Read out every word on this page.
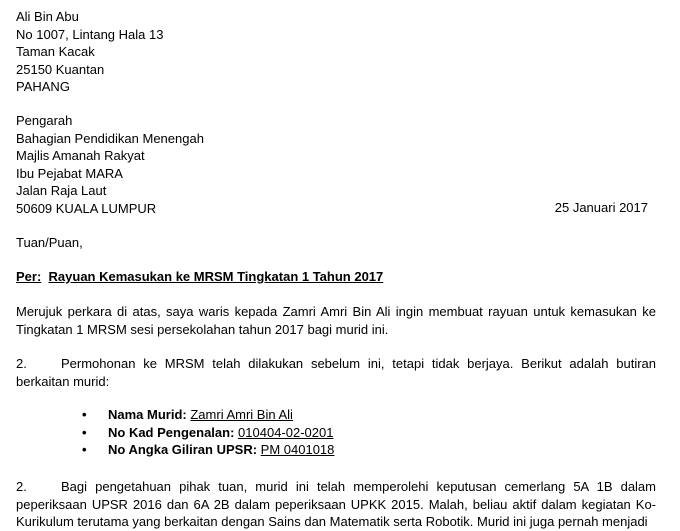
Ali Bin Abu
No 1007, Lintang Hala 13
Taman Kacak
25150 Kuantan
PAHANG
Pengarah
Bahagian Pendidikan Menengah
Majlis Amanah Rakyat
Ibu Pejabat MARA
Jalan Raja Laut
50609 KUALA LUMPUR	25 Januari 2017
Tuan/Puan,
Per: Rayuan Kemasukan ke MRSM Tingkatan 1 Tahun 2017
Merujuk perkara di atas, saya waris kepada Zamri Amri Bin Ali ingin membuat rayuan untuk kemasukan ke Tingkatan 1 MRSM sesi persekolahan tahun 2017 bagi murid ini.
2.	Permohonan ke MRSM telah dilakukan sebelum ini, tetapi tidak berjaya. Berikut adalah butiran berkaitan murid:
• Nama Murid: Zamri Amri Bin Ali
• No Kad Pengenalan: 010404-02-0201
• No Angka Giliran UPSR: PM 0401018
2.	Bagi pengetahuan pihak tuan, murid ini telah memperolehi keputusan cemerlang 5A 1B dalam peperiksaan UPSR 2016 dan 6A 2B dalam peperiksaan UPKK 2015. Malah, beliau aktif dalam kegiatan Ko-Kurikulum terutama yang berkaitan dengan Sains dan Matematik serta Robotik. Murid ini juga pernah menjadi
